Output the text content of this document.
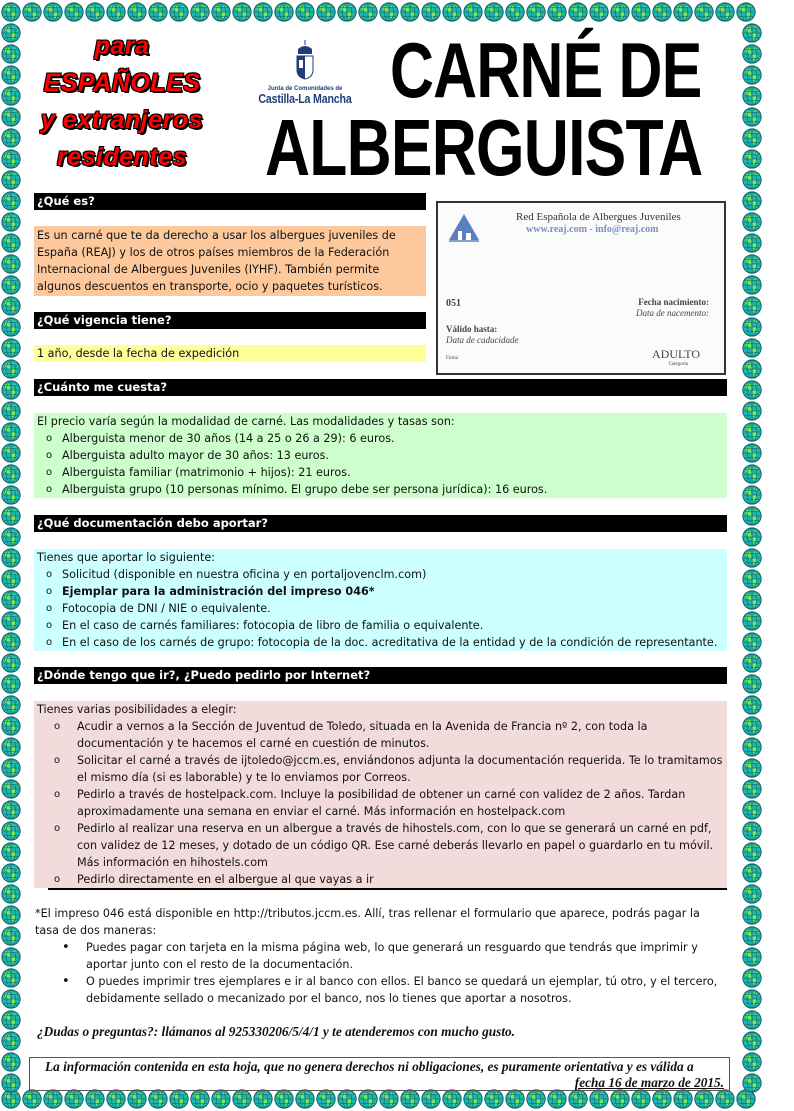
para
ESPAÑOLES
y extranjeros
residentes
Junta de Comunidades de
Castilla-La Mancha CARNÉ DE
ALBERGUISTA
¿Qué es?
Es un carné que te da derecho a usar los albergues juveniles de
España (REAJ) y los de otros países miembros de la Federación
Internacional de Albergues Juveniles (IYHF). También permite
algunos descuentos en transporte, ocio y paquetes turísticos.
¿Qué vigencia tiene?
1 año, desde la fecha de expedición
Red Española de Albergues Juveniles
www.reaj.com - info@reaj.com
051	Fecha nacimiento:
Data de nacemento:
Válido hasta:
Data de caducidade
ADULTO
Categoría
Firma
¿Cuánto me cuesta?
El precio varía según la modalidad de carné. Las modalidades y tasas son:
o Alberguista menor de 30 años (14 a 25 o 26 a 29): 6 euros.
o Alberguista adulto mayor de 30 años: 13 euros.
o Alberguista familiar (matrimonio + hijos): 21 euros.
o Alberguista grupo (10 personas mínimo. El grupo debe ser persona jurídica): 16 euros.
¿Qué documentación debo aportar?
Tienes que aportar lo siguiente:
o Solicitud (disponible en nuestra oficina y en portaljovenclm.com)
o Ejemplar para la administración del impreso 046*
o Fotocopia de DNI / NIE o equivalente.
o En el caso de carnés familiares: fotocopia de libro de familia o equivalente.
o En el caso de los carnés de grupo: fotocopia de la doc. acreditativa de la entidad y de la condición de representante.
¿Dónde tengo que ir?, ¿Puedo pedirlo por Internet?
Tienes varias posibilidades a elegir:
o Acudir a vernos a la Sección de Juventud de Toledo, situada en la Avenida de Francia nº 2, con toda la
documentación y te hacemos el carné en cuestión de minutos.
o Solicitar el carné a través de ijtoledo@jccm.es, enviándonos adjunta la documentación requerida. Te lo tramitamos
el mismo día (si es laborable) y te lo enviamos por Correos.
o Pedirlo a través de hostelpack.com. Incluye la posibilidad de obtener un carné con validez de 2 años. Tardan
aproximadamente una semana en enviar el carné. Más información en hostelpack.com
o Pedirlo al realizar una reserva en un albergue a través de hihostels.com, con lo que se generará un carné en pdf,
con validez de 12 meses, y dotado de un código QR. Ese carné deberás llevarlo en papel o guardarlo en tu móvil.
Más información en hihostels.com
o Pedirlo directamente en el albergue al que vayas a ir
*El impreso 046 está disponible en http://tributos.jccm.es. Allí, tras rellenar el formulario que aparece, podrás pagar la
tasa de dos maneras:
• Puedes pagar con tarjeta en la misma página web, lo que generará un resguardo que tendrás que imprimir y
aportar junto con el resto de la documentación.
• O puedes imprimir tres ejemplares e ir al banco con ellos. El banco se quedará un ejemplar, tú otro, y el tercero,
debidamente sellado o mecanizado por el banco, nos lo tienes que aportar a nosotros.
¿Dudas o preguntas?: llámanos al 925330206/5/4/1 y te atenderemos con mucho gusto.
La información contenida en esta hoja, que no genera derechos ni obligaciones, es puramente orientativa y es válida a
fecha 16 de marzo de 2015.
